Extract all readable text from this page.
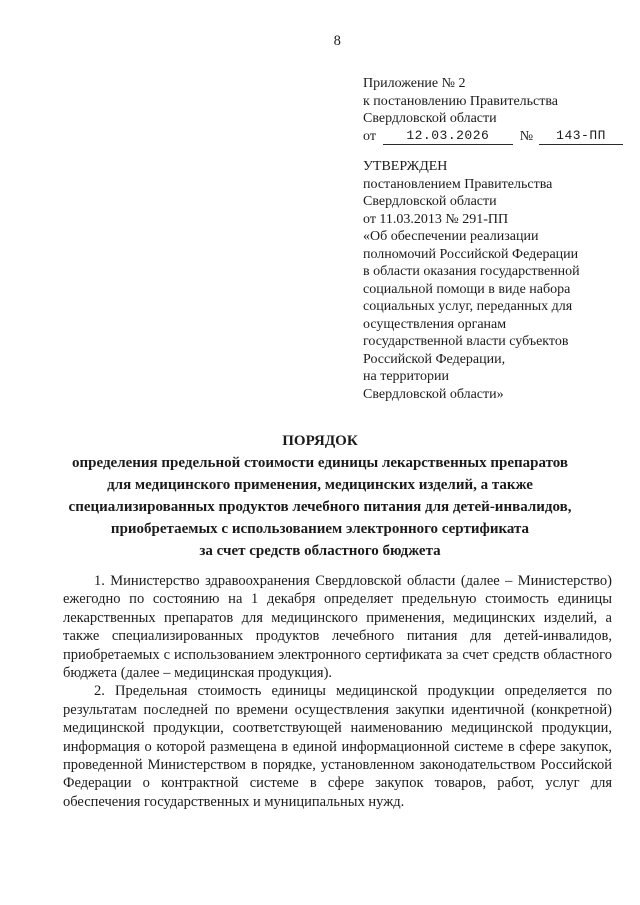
8
Приложение № 2
к постановлению Правительства
Свердловской области
от	12.03.2026	№	143-ПП
УТВЕРЖДЕН
постановлением Правительства
Свердловской области
от 11.03.2013 № 291-ПП
«Об обеспечении реализации
полномочий Российской Федерации
в области оказания государственной
социальной помощи в виде набора
социальных услуг, переданных для
осуществления органам
государственной власти субъектов
Российской Федерации,
на территории
Свердловской области»
ПОРЯДОК
определения предельной стоимости единицы лекарственных препаратов
для медицинского применения, медицинских изделий, а также
специализированных продуктов лечебного питания для детей-инвалидов,
приобретаемых с использованием электронного сертификата
за счет средств областного бюджета

1. Министерство здравоохранения Свердловской области (далее – Министерство) ежегодно по состоянию на 1 декабря определяет предельную стоимость единицы лекарственных препаратов для медицинского применения, медицинских изделий, а также специализированных продуктов лечебного питания для детей-инвалидов, приобретаемых с использованием электронного сертификата за счет средств областного бюджета (далее – медицинская продукция).

2. Предельная стоимость единицы медицинской продукции определяется по результатам последней по времени осуществления закупки идентичной (конкретной) медицинской продукции, соответствующей наименованию медицинской продукции, информация о которой размещена в единой информационной системе в сфере закупок, проведенной Министерством в порядке, установленном законодательством Российской Федерации о контрактной системе в сфере закупок товаров, работ, услуг для обеспечения государственных и муниципальных нужд.
